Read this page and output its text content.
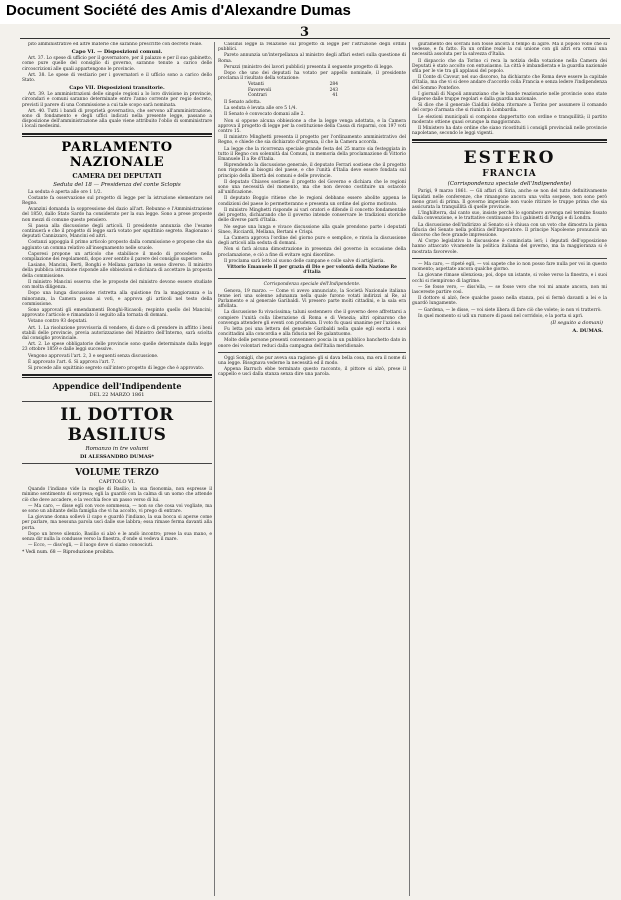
Document Société des Amis d'Alexandre Dumas
3

pito amministrative ed altre materie che saranno prescritte con decreto reale.

Capo VI. — Disposizioni comuni.

Art. 37. Lo spese di ufficio per il governatore, per il palazzo e per il suo gabinetto, come pure quelle del consiglio di governo, saranno tenute a carico delle circoscrizioni alle quali appartengono le provincie.

Art. 38. Le spese di vestiario per i governatori e il ufficio sono a carico dello Stato.

Capo VII. Disposizioni transitorie.

Art. 39. Le amministrazioni delle singole regioni a lo loro divisione in provincie, circondari e comuni saranno determinate entro l'anno corrente per regio decreto, previsti il parere di una Commissione a cui tale scopo sarà nominata.

Art. 40. Tutti i bandi di proprietà governativa, che servono all'amministrazione, sono di fondamento e degli uffici indicati nella presente legge, passano a disposizione dell'amministrazione alla quale viene attribuito l'oblio di somministrare i locali medesimi.

PARLAMENTO NAZIONALE
CAMERA DEI DEPUTATI
Seduta del 18 — Presidenza del conte Sclopis

La seduta è aperta alle ore 1 1/2.

Costante fa osservazione sul progetto di legge per la istruzione elementare nel Regno.

Avanzini domanda la soppressione del dazio all'art. Rebunno e l'Amministrazione del 1850, dallo Stato Sardo ha considerato per la sua legge. Sono a prese proposte non mezzi di comune questo pensiero.

Si passa alla discussione degli articoli. Il presidente annunzia che l'esame continuerà e che il progetto di legge sarà votato per squittinio segreto. Ragionano i deputati Cannizzaro, Mancini ed altri.

Costanzi appoggia il primo articolo proposto dalla commissione e propone che sia aggiunto un comma relativo all'insegnamento nelle scuole.

Caporesi propone un articolo che stabilisce il modo di procedere nella compilazione dei regolamenti, dopo aver sentito il parere del consiglio superiore.

Lasiano, Mancini, Berti, Bonghi e Mellana parlano in senso diverso. Il ministro della pubblica istruzione risponde alle obbiezioni e dichiara di accettare la proposta della commissione.

Il ministro Mancini osserva che le proposte del ministro devono essere studiate con molta diligenza.

Dopo una lunga discussione ristretta alla quistione fra la maggioranza e la minoranza, la Camera passa ai voti, e approva gli articoli nel testo della commissione.

Sono approvati gli emendamenti Bonghi-Ricasoli; respinto quello del Mancini; approvato l'articolo e rimandato il seguito alla tornata di domani.

Votano contro 93 deputati.

Art. 1. La risoluzione provvisoria di vendere, di dare o di prendere in affitto i beni stabili delle provincie, previa autorizzazione del Ministro dell'Interno, sarà sciolta dal consiglio provinciale.

Art. 2. Le spese obbligatorie delle provincie sono quelle determinate dalla legge 23 ottobre 1859 e dalle leggi successive.

Vengono approvati l'art. 2, 3 e seguenti senza discussione.

È approvato l'art. 6. Si approva l'art. 7.

Si procede allo squittinio segreto sull'intero progetto di legge che è approvato.

Appendice dell'Indipendente
DEL 22 MARZO 1861
IL DOTTOR BASILIUS
Romanzo in tre volumi
DI ALESSANDRO DUMAS*
VOLUME TERZO
CAPITOLO VI.

Quando l'indiano vide la moglie di Basilio, la sua fisonomia, non espresse il minimo sentimento di sorpresa; egli la guardò con la calma di un uomo che attende ciò che deve accadere, e la vecchia fece un passo verso di lui.

— Ma caro, — disse egli con voce sommessa, — non so che cosa voi vogliate, ma se sono un abitante della famiglia che vi ha accolto, vi prego di entrare.

La giovane donna sollevò il capo e guardò l'indiano, la sua bocca si aperse come per parlare, ma nessuna parola uscì dalle sue labbra; essa rimase ferma davanti alla porta.

Dopo un breve silenzio, Basilio si alzò e le andò incontro; prese la sua mano, e senza dir nulla la condusse verso la finestra, d'onde si vedeva il mare.

— Ecco, — diss'egli, — il luogo dove ci siamo conosciuti.

* Vedi num. 68 — Riproduzione proibita.

Cassinis legge la relazione sul progetto di legge per l'istruzione degli ordini pubblici.

Pareto annunzia un'interpellanza al ministro degli affari esteri sulla questione di Roma.

Peruzzi (ministro dei lavori pubblici) presenta il seguente progetto di legge.

Dopo che uno dei deputati ha votato per appello nominale, il presidente proclama il risultato della votazione:

Votanti	284
Favorevoli	243
Contrari	41

Il Senato adotta.

La seduta è levata alle ore 5 1/4.

Il Senato è convocato domani alle 2.

Non si oppone alcuna obbiezione a che la legge venga adottata, e la Camera approva il progetto di legge per la costituzione della Cassa di risparmi, con 197 voti contro 15.

Il ministro Minghetti presenta il progetto per l'ordinamento amministrativo del Regno, e chiede che sia dichiarato d'urgenza, il che la Camera accorda.

La legge che la ricorrenza speciale grande festa del 25 marzo sia festeggiata in tutto il Regno con solennità dai Comuni, in memoria della proclamazione di Vittorio Emanuele II a Re d'Italia.

Riprendendo la discussione generale, il deputato Ferrari sostiene che il progetto non risponde ai bisogni del paese, e che l'unità d'Italia deve essere fondata sul principio della libertà dei comuni e delle provincie.

Il deputato Chiaves sostiene il progetto del Governo e dichiara che le regioni sono una necessità del momento, ma che non devono costituire un ostacolo all'unificazione.

Il deputato Boggio ritiene che le regioni debbano essere abolite appena le condizioni del paese lo permetteranno e presenta un ordine del giorno motivato.

Il ministro Minghetti risponde ai vari oratori e difende il concetto fondamentale del progetto, dichiarando che il governo intende conservare le tradizioni storiche delle diverse parti d'Italia.

Ne segue una lunga e vivace discussione alla quale prendono parte i deputati Sineo, Ricciardi, Mellana, Bertani e Crispi.

La Camera approva l'ordine del giorno puro e semplice, e rinvia la discussione degli articoli alla seduta di domani.

Non si farà alcuna dimostrazione in presenza del governo in occasione della proclamazione, e ciò a fine di evitare ogni disordine.

Il proclama sarà letto al suono delle campane e colle salve di artiglieria.

Vittorio Emanuele II per grazia di Dio e per volontà della Nazione Re d'Italia

Corrispondenza speciale dell'Indipendente.

Genova, 19 marzo. — Come vi avevo annunciato, la Società Nazionale italiana tenne ieri una solenne adunanza nella quale furono votati indirizzi al Re, al Parlamento e al generale Garibaldi. Vi presero parte molti cittadini, e la sala era affollata.

La discussione fu vivacissima; taluni sostennero che il governo deve affrettarsi a compiere l'unità colla liberazione di Roma e di Venezia; altri opinarono che convenga attendere gli eventi con prudenza. Il voto fu quasi unanime per l'azione.

Fu letta poi una lettera del generale Garibaldi nella quale egli esorta i suoi concittadini alla concordia e alla fiducia nel Re galantuomo.

Molte delle persone presenti convennero poscia in un pubblico banchetto dato in onore dei volontari reduci dalla campagna dell'Italia meridionale.

Oggi Somigli, che pur aveva sua ragione: gli si dava bella cosa, ma era il nome di una legge. Bisognava vederne la necessità ed il modo.

Appena Barruch ebbe terminato questo racconto, il pittore si alzò, prese il cappello e uscì dalla stanza senza dire una parola.

giuramento dei sovrani non fosse ancora il tempo di agire. Ma il popolo volle che si vedesse, e fu fatto. Fa un ordine reale la cui unione con gli altri era ormai una necessità assoluta per la salvezza d'Italia.

Il dispaccio che da Torino ci reca la notizia della votazione nella Camera dei Deputati è stato accolto con entusiasmo. La città è imbandierata e la guardia nazionale sfila per le vie tra gli applausi del popolo.

Il Conte di Cavour, nel suo discorso, ha dichiarato che Roma deve essere la capitale d'Italia, ma che vi si deve andare d'accordo colla Francia e senza ledere l'indipendenza del Sommo Pontefice.

I giornali di Napoli annunziano che le bande reazionarie nelle provincie sono state disperse dalle truppe regolari e dalla guardia nazionale.

Si dice che il generale Cialdini debba ritornare a Torino per assumere il comando del corpo d'armata che si riunirà in Lombardia.

Le elezioni municipali si compiono dappertutto con ordine e tranquillità; il partito moderato ottiene quasi ovunque la maggioranza.

Il Ministero ha dato ordine che siano ricostituiti i consigli provinciali nelle provincie napoletane, secondo le leggi vigenti.

ESTERO
FRANCIA
(Corrispondenza speciale dell'Indipendente)

Parigi, 9 marzo 1861. — Gli affari di Siria, anche se non del tutto definitivamente liquidati nelle conferenze, che rimangono ancora una volta sospese, non sono però meno gravi di prima. Il governo imperiale non vuole ritirare le truppe prima che sia assicurata la tranquillità di quelle provincie.

L'Inghilterra, dal canto suo, insiste perché lo sgombero avvenga nel termine fissato dalla convenzione, e le trattative continuano fra i gabinetti di Parigi e di Londra.

La discussione dell'indirizzo al Senato si è chiusa con un voto che dimostra la piena fiducia del Senato nella politica dell'Imperatore. Il principe Napoleone pronunciò un discorso che fece grande impressione.

Al Corpo legislativo la discussione è cominciata ieri; i deputati dell'opposizione hanno attaccato vivamente la politica italiana del governo, ma la maggioranza si è mostrata favorevole.

— Ma caro, — ripeté egli, — voi sapete che io non posso fare nulla per voi in questo momento; aspettate ancora qualche giorno.

La giovane rimase silenziosa; poi, dopo un istante, si volse verso la finestra, e i suoi occhi si riempirono di lagrime.

— Se fosse vero, — diss'ella, — se fosse vero che voi mi amate ancora, non mi lascereste partire così.

Il dottore si alzò, fece qualche passo nella stanza, poi si fermò davanti a lei e la guardò lungamente.

— Gardena, — le disse, — voi siete libera di fare ciò che volete; io non vi tratterrò.

In quel momento si udì un rumore di passi nel corridoio, e la porta si aprì.

(Il seguito a domani)
A. DUMAS.
